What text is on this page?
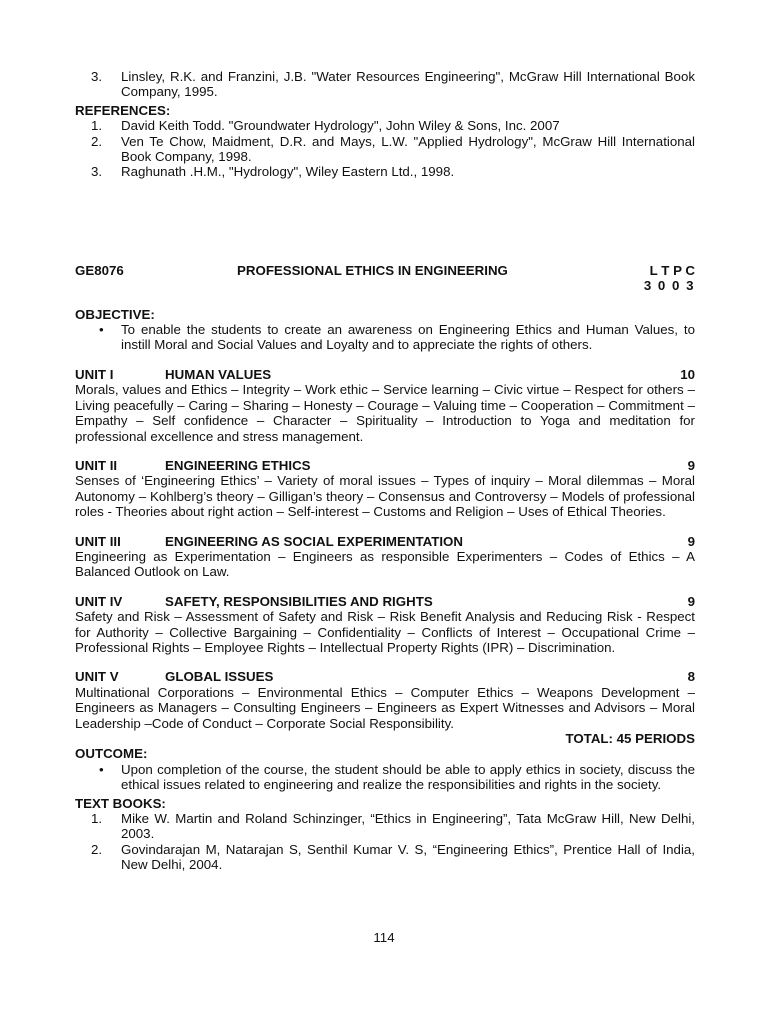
3. Linsley, R.K. and Franzini, J.B. "Water Resources Engineering", McGraw Hill International Book Company, 1995.
REFERENCES:
1. David Keith Todd. "Groundwater Hydrology", John Wiley & Sons, Inc. 2007
2. Ven Te Chow, Maidment, D.R. and Mays, L.W. "Applied Hydrology", McGraw Hill International Book Company, 1998.
3. Raghunath .H.M., "Hydrology", Wiley Eastern Ltd., 1998.
GE8076	PROFESSIONAL ETHICS IN ENGINEERING	L T P C
3 0 0 3
OBJECTIVE:
• To enable the students to create an awareness on Engineering Ethics and Human Values, to instill Moral and Social Values and Loyalty and to appreciate the rights of others.
UNIT I	HUMAN VALUES	10
Morals, values and Ethics – Integrity – Work ethic – Service learning – Civic virtue – Respect for others – Living peacefully – Caring – Sharing – Honesty – Courage – Valuing time – Cooperation – Commitment – Empathy – Self confidence – Character – Spirituality – Introduction to Yoga and meditation for professional excellence and stress management.
UNIT II	ENGINEERING ETHICS	9
Senses of ‘Engineering Ethics’ – Variety of moral issues – Types of inquiry – Moral dilemmas – Moral Autonomy – Kohlberg’s theory – Gilligan’s theory – Consensus and Controversy – Models of professional roles - Theories about right action – Self-interest – Customs and Religion – Uses of Ethical Theories.
UNIT III	ENGINEERING AS SOCIAL EXPERIMENTATION	9
Engineering as Experimentation – Engineers as responsible Experimenters – Codes of Ethics – A Balanced Outlook on Law.
UNIT IV	SAFETY, RESPONSIBILITIES AND RIGHTS	9
Safety and Risk – Assessment of Safety and Risk – Risk Benefit Analysis and Reducing Risk - Respect for Authority – Collective Bargaining – Confidentiality – Conflicts of Interest – Occupational Crime – Professional Rights – Employee Rights – Intellectual Property Rights (IPR) – Discrimination.
UNIT V	GLOBAL ISSUES	8
Multinational Corporations – Environmental Ethics – Computer Ethics – Weapons Development – Engineers as Managers – Consulting Engineers – Engineers as Expert Witnesses and Advisors – Moral Leadership –Code of Conduct – Corporate Social Responsibility.
TOTAL: 45 PERIODS
OUTCOME:
• Upon completion of the course, the student should be able to apply ethics in society, discuss the ethical issues related to engineering and realize the responsibilities and rights in the society.
TEXT BOOKS:
1. Mike W. Martin and Roland Schinzinger, “Ethics in Engineering”, Tata McGraw Hill, New Delhi, 2003.
2. Govindarajan M, Natarajan S, Senthil Kumar V. S, “Engineering Ethics”, Prentice Hall of India, New Delhi, 2004.
114
